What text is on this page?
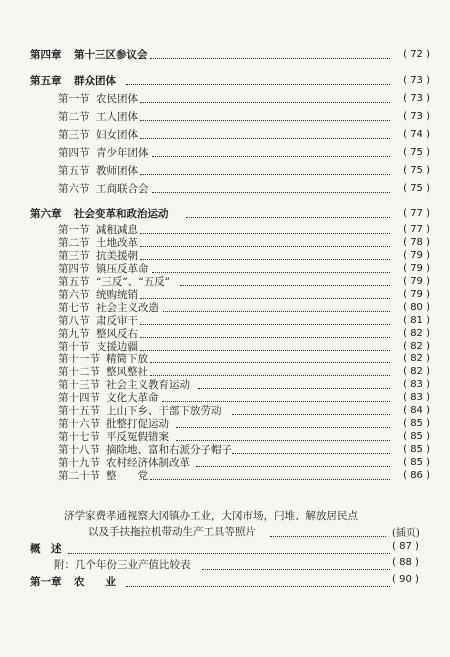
第四章 第十三区参议会	( 72 )
第五章 群众团体	( 73 )
第一节 农民团体	( 73 )
第二节 工人团体	( 73 )
第三节 妇女团体	( 74 )
第四节 青少年团体	( 75 )
第五节 教师团体	( 75 )
第六节 工商联合会	( 75 )
第六章 社会变革和政治运动	( 77 )
第一节 减租减息	( 77 )
第二节 土地改革	( 78 )
第三节 抗美援朝	( 79 )
第四节 镇压反革命	( 79 )
第五节 “三反”、“五反”	( 79 )
第六节 统购统销	( 79 )
第七节 社会主义改造	( 80 )
第八节 肃反审干	( 81 )
第九节 整风反右	( 82 )
第十节 支援边疆	( 82 )
第十一节 精简下放	( 82 )
第十二节 整风整社	( 82 )
第十三节 社会主义教育运动	( 83 )
第十四节 文化大革命	( 83 )
第十五节 上山下乡、干部下放劳动	( 84 )
第十六节 批整打促运动	( 85 )
第十七节 平反冤假错案	( 85 )
第十八节 摘除地、富和右派分子帽子	( 85 )
第十九节 农村经济体制改革	( 85 )
第二十节 整　　党	( 86 )
济学家费孝通视察大冈镇办工业，大冈市场，闩堆、解放居民点
以及手扶拖拉机带动生产工具等照片	(插页)
概　述	( 87 )
附：几个年份三业产值比较表	( 88 )
第一章 农　　业	( 90 )
